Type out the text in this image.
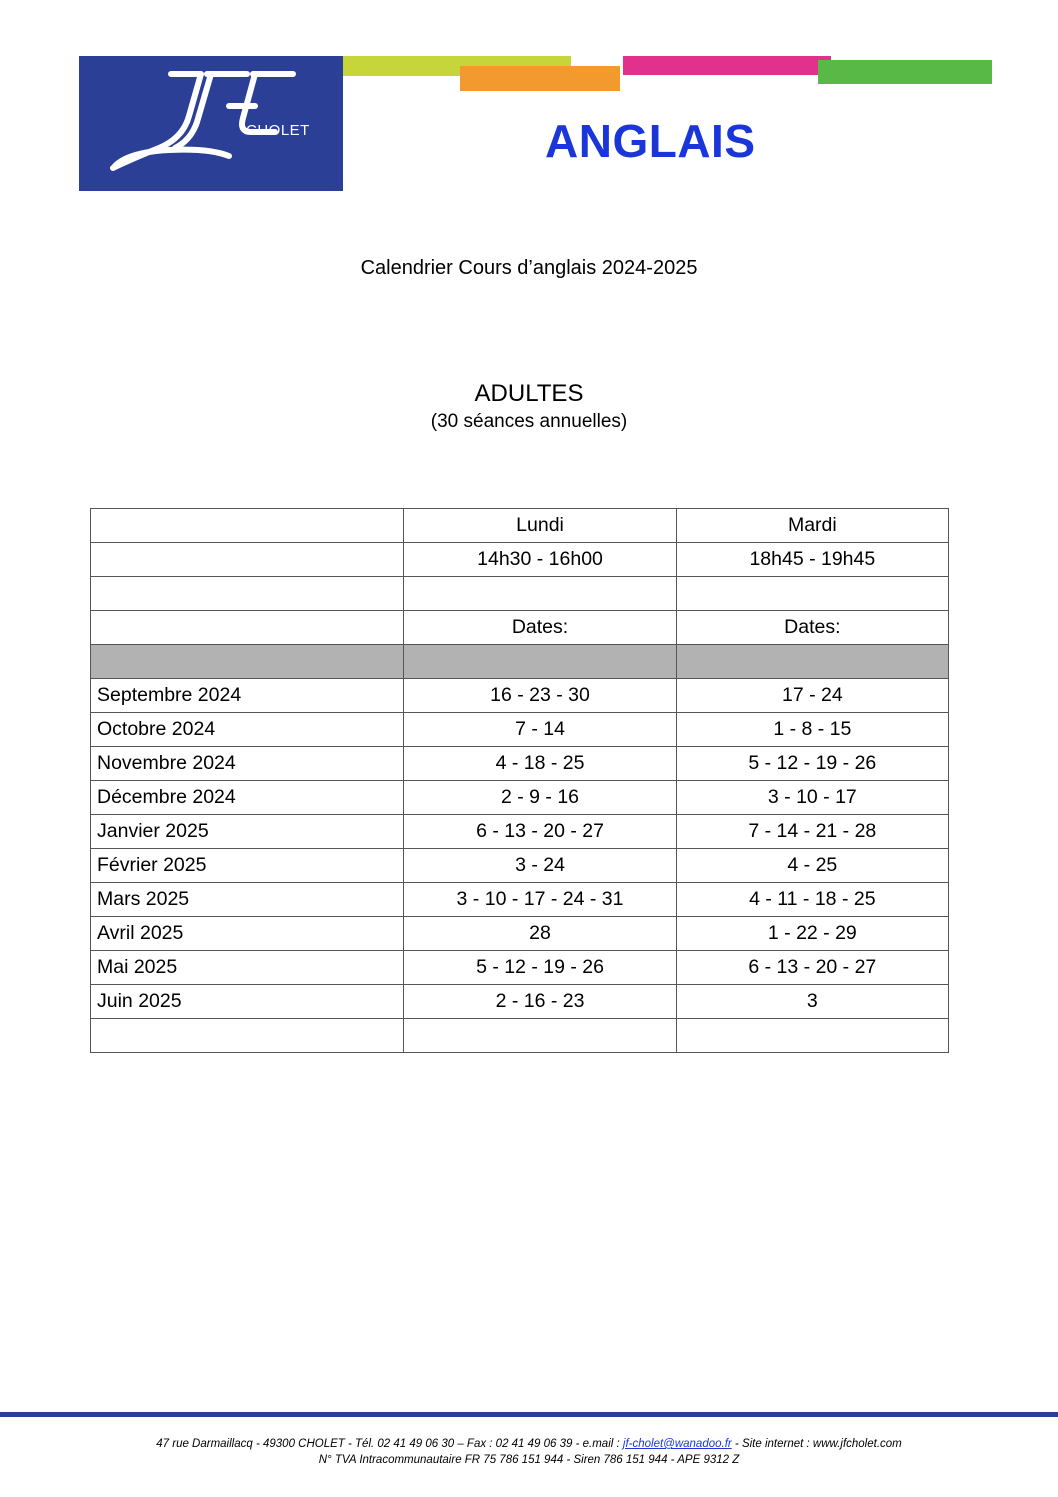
CHOLET	ANGLAIS
Calendrier Cours d’anglais 2024-2025
ADULTES
(30 séances annuelles)
	Lundi	Mardi
	14h30 - 16h00	18h45 - 19h45

	Dates:	Dates:

Septembre 2024	16 - 23 - 30	17 - 24
Octobre 2024	7 - 14	1 - 8 - 15
Novembre 2024	4 - 18 - 25	5 - 12 - 19 - 26
Décembre 2024	2 - 9 - 16	3 - 10 - 17
Janvier 2025	6 - 13 - 20 - 27	7 - 14 - 21 - 28
Février 2025	3 - 24	4 - 25
Mars 2025	3 - 10 - 17 - 24 - 31	4 - 11 - 18 - 25
Avril 2025	28	1 - 22 - 29
Mai 2025	5 - 12 - 19 - 26	6 - 13 - 20 - 27
Juin 2025	2 - 16 - 23	3

47 rue Darmaillacq - 49300 CHOLET - Tél. 02 41 49 06 30 – Fax : 02 41 49 06 39 - e.mail : jf-cholet@wanadoo.fr - Site internet : www.jfcholet.com
N° TVA Intracommunautaire FR 75 786 151 944 - Siren 786 151 944 - APE 9312 Z
